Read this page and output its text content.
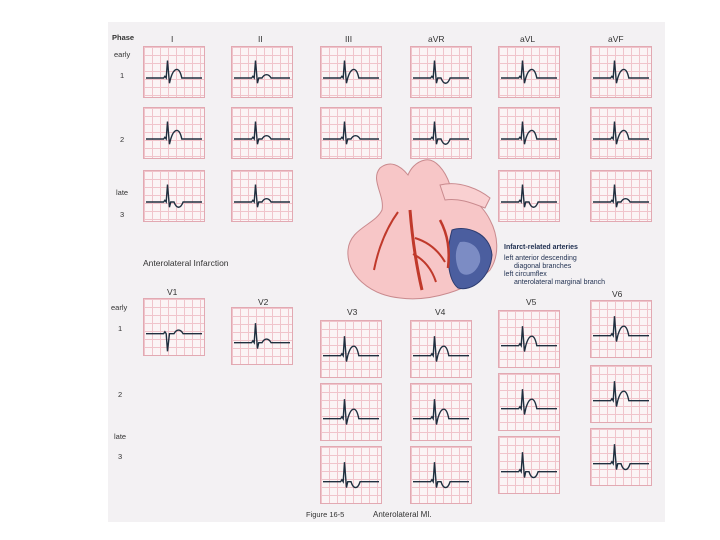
Phase	I	II	III	aVR	aVL	aVF
early
1
2
late
3
Anterolateral Infarction
V1
V2
V3	V4
V5
V6
early
1
2
late
3
Infarct-related arteries
left anterior descending
diagonal branches
left circumflex
anterolateral marginal branch
Figure 16-5	Anterolateral MI.
